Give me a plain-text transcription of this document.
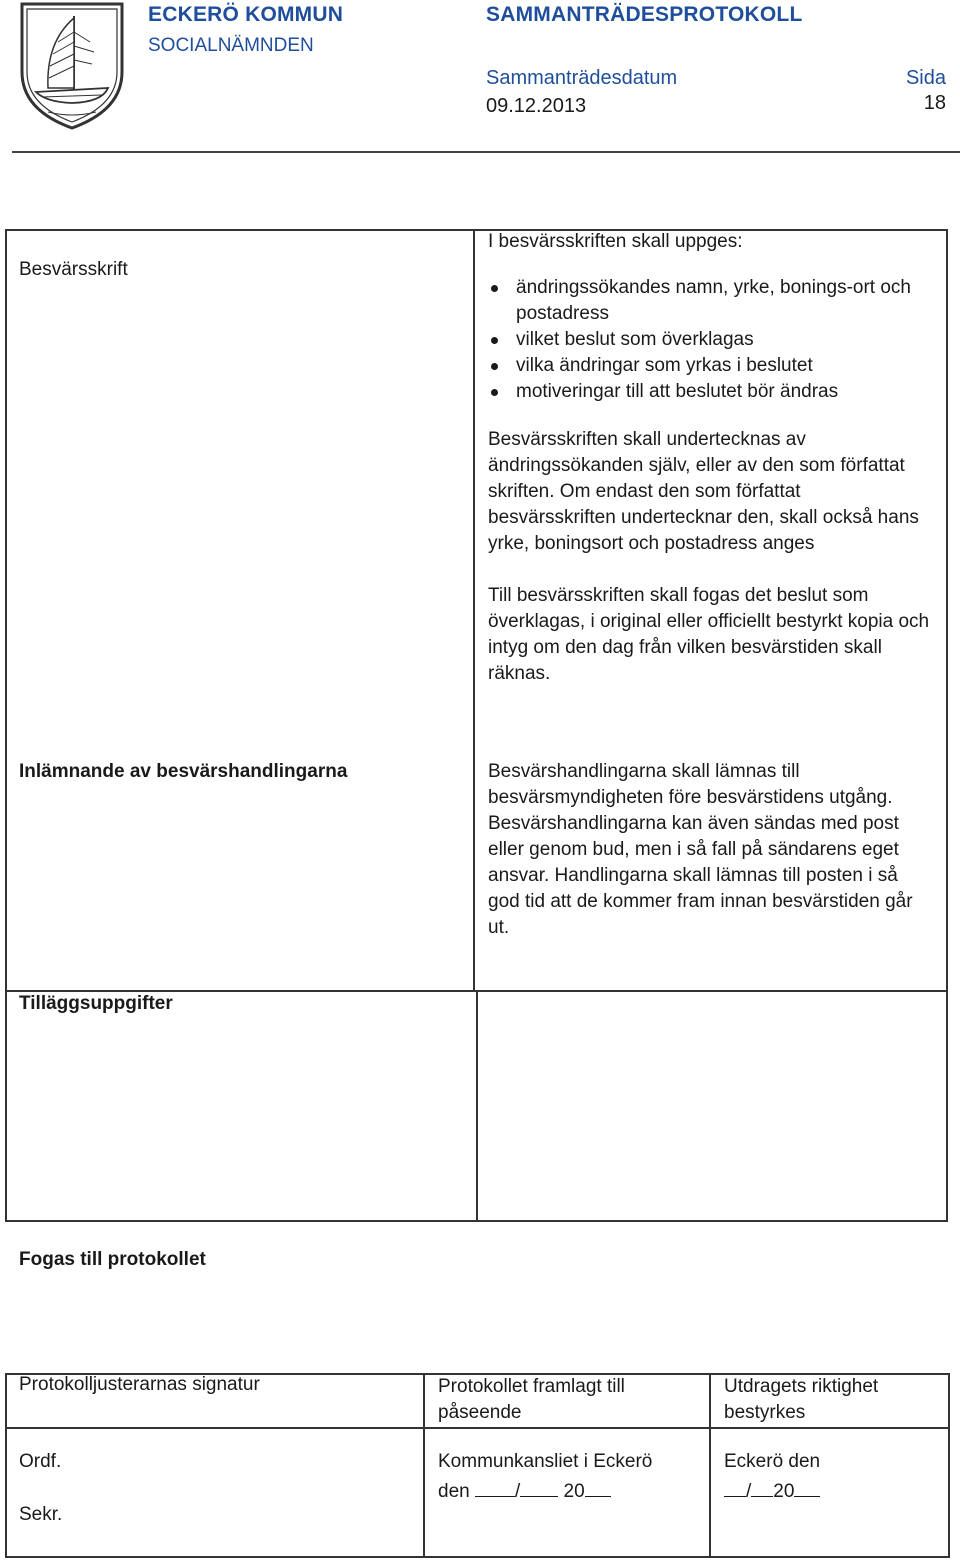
ECKERÖ KOMMUN
SOCIALNÄMNDEN
SAMMANTRÄDESPROTOKOLL
Sammanträdesdatum
09.12.2013
Sida
18
Besvärsskrift

I besvärsskriften skall uppges:

ändringssökandes namn, yrke, bonings-ort och postadress
vilket beslut som överklagas
vilka ändringar som yrkas i beslutet
motiveringar till att beslutet bör ändras

Besvärsskriften skall undertecknas av ändringssökanden själv, eller av den som författat skriften. Om endast den som författat besvärsskriften undertecknar den, skall också hans yrke, boningsort och postadress anges

Till besvärsskriften skall fogas det beslut som överklagas, i original eller officiellt bestyrkt kopia och intyg om den dag från vilken besvärstiden skall räknas.

Inlämnande av besvärshandlingarna	Besvärshandlingarna skall lämnas till besvärsmyndigheten före besvärstidens utgång. Besvärshandlingarna kan även sändas med post eller genom bud, men i så fall på sändarens eget ansvar. Handlingarna skall lämnas till posten i så god tid att de kommer fram innan besvärstiden går ut.
Tilläggsuppgifter
Fogas till protokollet
Protokolljusterarnas signatur	Protokollet framlagt till påseende
Utdragets riktighet bestyrkes
Ordf.
Sekr.
Kommunkansliet i Eckerö
den / 20
Eckerö den
/ 20
